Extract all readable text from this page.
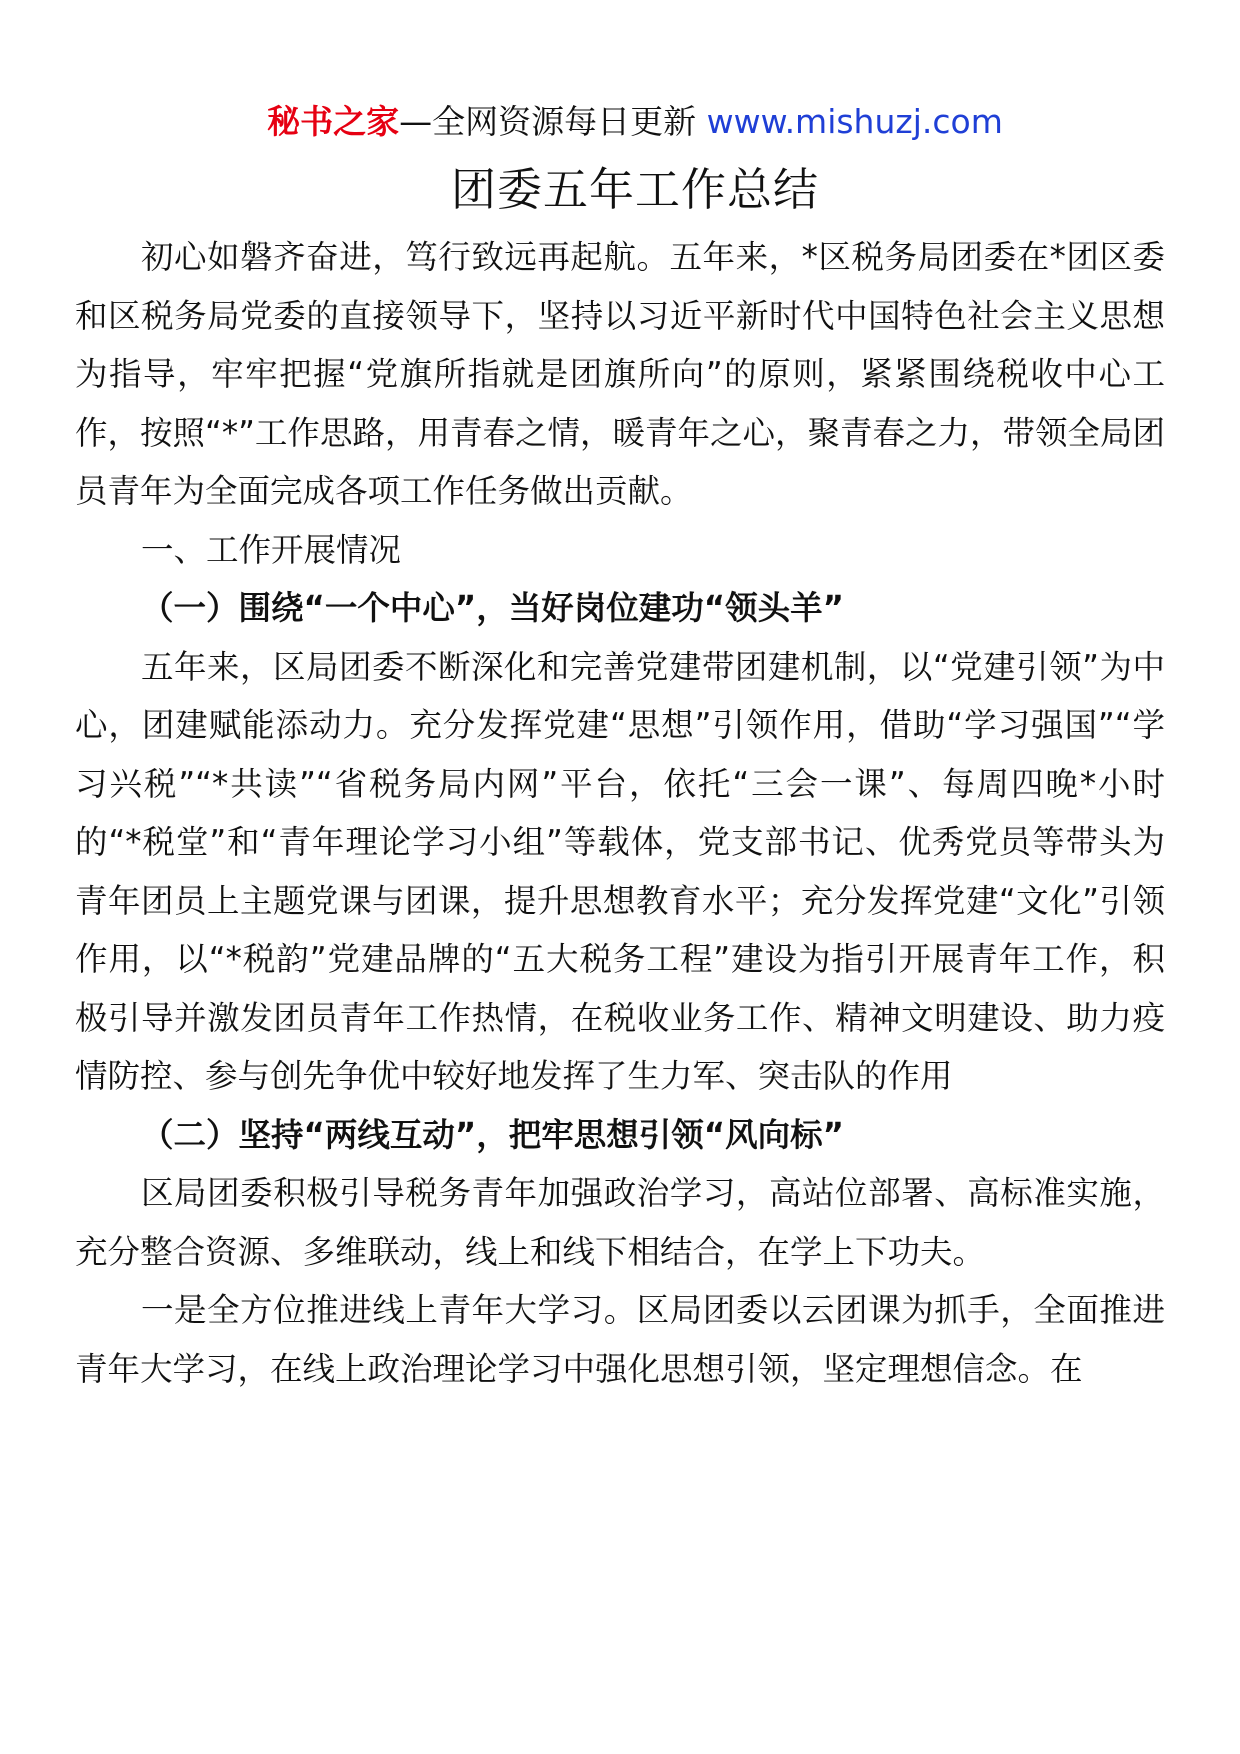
秘书之家—全网资源每日更新 www.mishuzj.com
团委五年工作总结

初心如磐齐奋进，笃行致远再起航。五年来，*区税务局团委在*团区委和区税务局党委的直接领导下，坚持以习近平新时代中国特色社会主义思想为指导，牢牢把握“党旗所指就是团旗所向”的原则，紧紧围绕税收中心工作，按照“*”工作思路，用青春之情，暖青年之心，聚青春之力，带领全局团员青年为全面完成各项工作任务做出贡献。

一、工作开展情况

（一）围绕“一个中心”，当好岗位建功“领头羊”

五年来，区局团委不断深化和完善党建带团建机制，以“党建引领”为中心，团建赋能添动力。充分发挥党建“思想”引领作用，借助“学习强国”“学习兴税”“*共读”“省税务局内网”平台，依托“三会一课”、每周四晚*小时的“*税堂”和“青年理论学习小组”等载体，党支部书记、优秀党员等带头为青年团员上主题党课与团课，提升思想教育水平；充分发挥党建“文化”引领作用，以“*税韵”党建品牌的“五大税务工程”建设为指引开展青年工作，积极引导并激发团员青年工作热情，在税收业务工作、精神文明建设、助力疫情防控、参与创先争优中较好地发挥了生力军、突击队的作用

（二）坚持“两线互动”，把牢思想引领“风向标”

区局团委积极引导税务青年加强政治学习，高站位部署、高标准实施，充分整合资源、多维联动，线上和线下相结合，在学上下功夫。

一是全方位推进线上青年大学习。区局团委以云团课为抓手，全面推进青年大学习，在线上政治理论学习中强化思想引领，坚定理想信念。在
